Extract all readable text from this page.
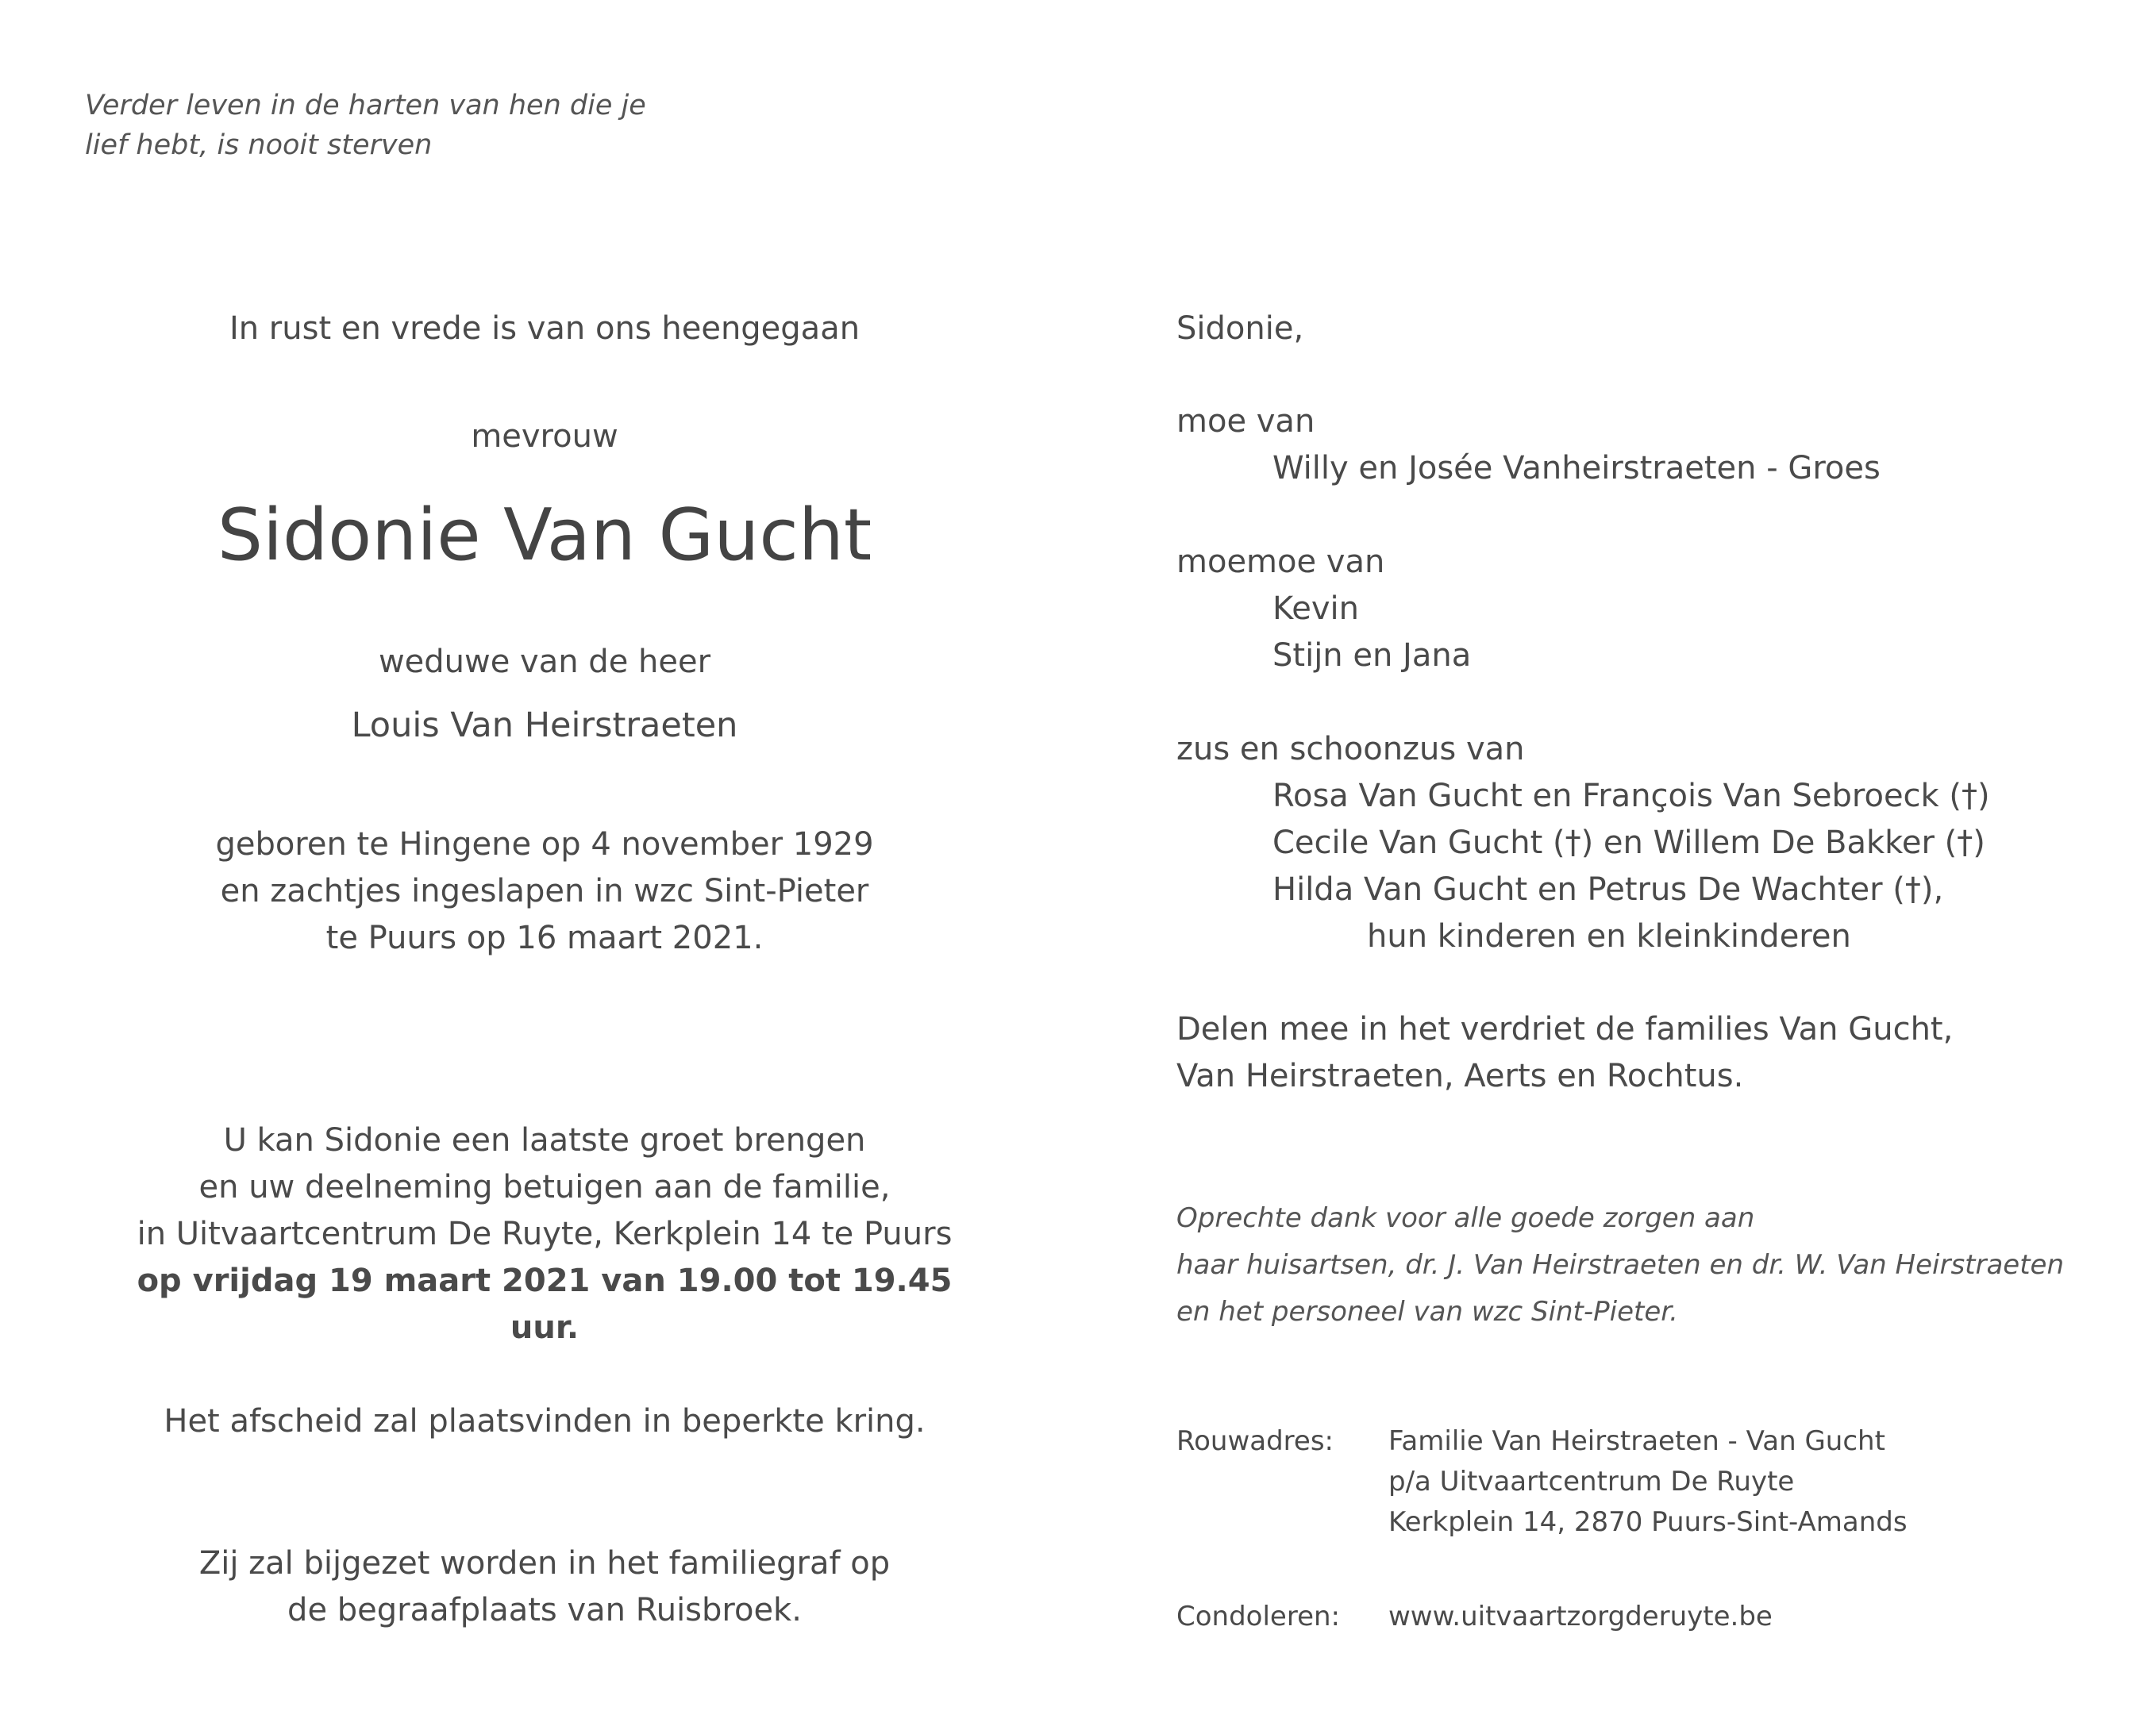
Verder leven in de harten van hen die je
lief hebt, is nooit sterven
In rust en vrede is van ons heengegaan
mevrouw
Sidonie Van Gucht
weduwe van de heer
Louis Van Heirstraeten
geboren te Hingene op 4 november 1929
en zachtjes ingeslapen in wzc Sint-Pieter
te Puurs op 16 maart 2021.
U kan Sidonie een laatste groet brengen
en uw deelneming betuigen aan de familie,
in Uitvaartcentrum De Ruyte, Kerkplein 14 te Puurs
op vrijdag 19 maart 2021 van 19.00 tot 19.45 uur.
Het afscheid zal plaatsvinden in beperkte kring.
Zij zal bijgezet worden in het familiegraf op
de begraafplaats van Ruisbroek.
Sidonie,
moe van
Willy en Josée Vanheirstraeten - Groes
moemoe van
Kevin
Stijn en Jana
zus en schoonzus van
Rosa Van Gucht en François Van Sebroeck (†)
Cecile Van Gucht (†) en Willem De Bakker (†)
Hilda Van Gucht en Petrus De Wachter (†),
hun kinderen en kleinkinderen
Delen mee in het verdriet de families Van Gucht,
Van Heirstraeten, Aerts en Rochtus.
Oprechte dank voor alle goede zorgen aan
haar huisartsen, dr. J. Van Heirstraeten en dr. W. Van Heirstraeten
en het personeel van wzc Sint-Pieter.
Rouwadres: Familie Van Heirstraeten - Van Gucht
p/a Uitvaartcentrum De Ruyte
Kerkplein 14, 2870 Puurs-Sint-Amands
Condoleren: www.uitvaartzorgderuyte.be
